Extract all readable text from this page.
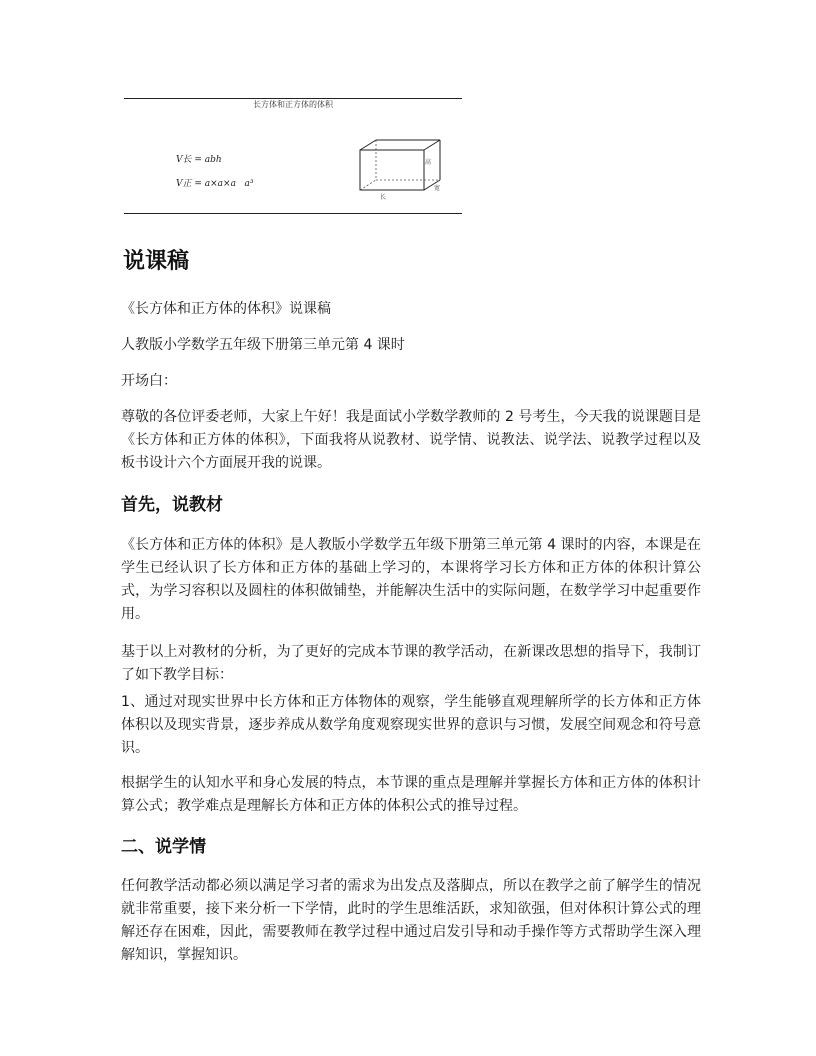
长方体和正方体的体积
V长 = abh
V正 = a×a×a   a³
高
宽
长
说课稿
《长方体和正方体的体积》说课稿
人教版小学数学五年级下册第三单元第 4 课时
开场白：
尊敬的各位评委老师，大家上午好！我是面试小学数学教师的 2 号考生，今天我的说课题目是《长方体和正方体的体积》，下面我将从说教材、说学情、说教法、说学法、说教学过程以及板书设计六个方面展开我的说课。
首先，说教材
《长方体和正方体的体积》是人教版小学数学五年级下册第三单元第 4 课时的内容，本课是在学生已经认识了长方体和正方体的基础上学习的，本课将学习长方体和正方体的体积计算公式，为学习容积以及圆柱的体积做铺垫，并能解决生活中的实际问题，在数学学习中起重要作用。
基于以上对教材的分析，为了更好的完成本节课的教学活动，在新课改思想的指导下，我制订了如下教学目标：
1、通过对现实世界中长方体和正方体物体的观察，学生能够直观理解所学的长方体和正方体体积以及现实背景，逐步养成从数学角度观察现实世界的意识与习惯，发展空间观念和符号意识。
根据学生的认知水平和身心发展的特点，本节课的重点是理解并掌握长方体和正方体的体积计算公式；教学难点是理解长方体和正方体的体积公式的推导过程。
二、说学情
任何教学活动都必须以满足学习者的需求为出发点及落脚点，所以在教学之前了解学生的情况就非常重要，接下来分析一下学情，此时的学生思维活跃，求知欲强，但对体积计算公式的理解还存在困难，因此，需要教师在教学过程中通过启发引导和动手操作等方式帮助学生深入理解知识，掌握知识。
